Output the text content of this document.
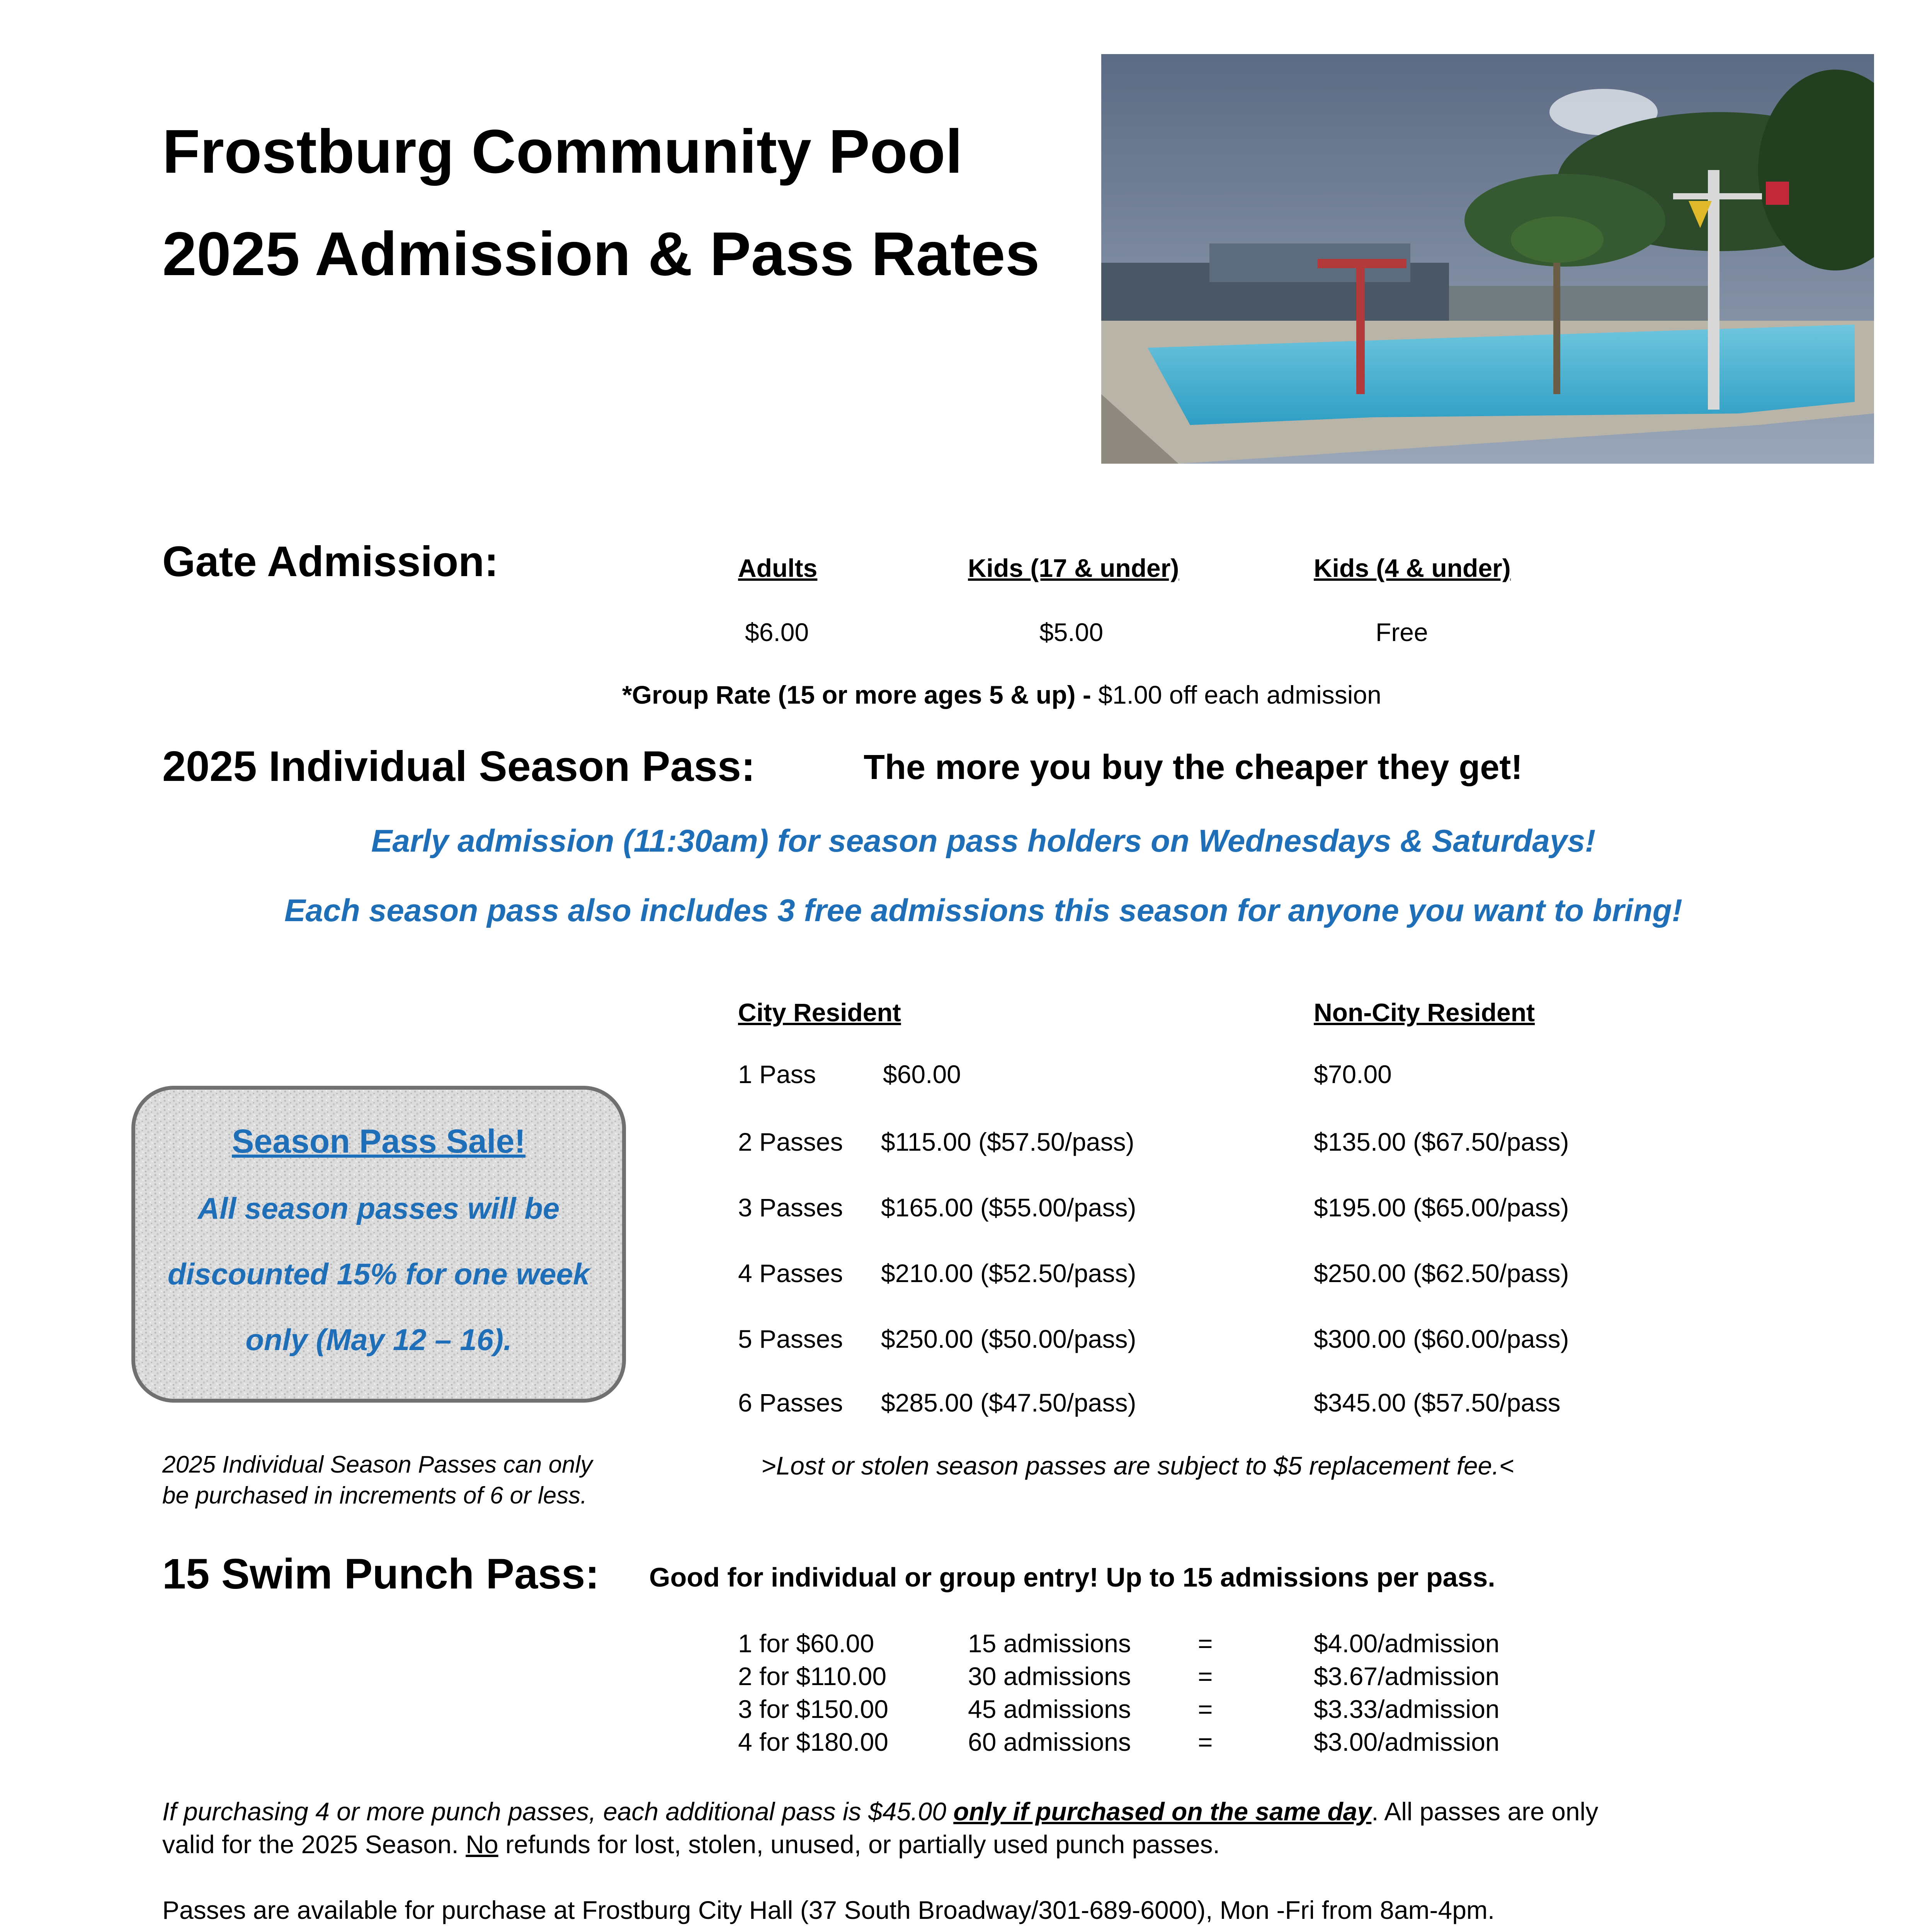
Frostburg Community Pool
2025 Admission & Pass Rates
Gate Admission:	Adults	Kids (17 & under)	Kids (4 & under)
$6.00	$5.00	Free
*Group Rate (15 or more ages 5 & up) - $1.00 off each admission
2025 Individual Season Pass:	The more you buy the cheaper they get!
Early admission (11:30am) for season pass holders on Wednesdays & Saturdays!
Each season pass also includes 3 free admissions this season for anyone you want to bring!
City Resident	Non-City Resident
1 Pass	$60.00	$70.00
2 Passes $115.00 ($57.50/pass)	$135.00 ($67.50/pass)
3 Passes $165.00 ($55.00/pass)	$195.00 ($65.00/pass)
4 Passes $210.00 ($52.50/pass)	$250.00 ($62.50/pass)
5 Passes $250.00 ($50.00/pass)	$300.00 ($60.00/pass)
6 Passes $285.00 ($47.50/pass)	$345.00 ($57.50/pass
Season Pass Sale!
All season passes will be
discounted 15% for one week
only (May 12 – 16).
2025 Individual Season Passes can only
be purchased in increments of 6 or less.
>Lost or stolen season passes are subject to $5 replacement fee.<
15 Swim Punch Pass: Good for individual or group entry! Up to 15 admissions per pass.
1 for $60.00	15 admissions	=	$4.00/admission
2 for $110.00	30 admissions	=	$3.67/admission
3 for $150.00	45 admissions	=	$3.33/admission
4 for $180.00	60 admissions	=	$3.00/admission
If purchasing 4 or more punch passes, each additional pass is $45.00 only if purchased on the same day. All passes are only
valid for the 2025 Season. No refunds for lost, stolen, unused, or partially used punch passes.
Passes are available for purchase at Frostburg City Hall (37 South Broadway/301-689-6000), Mon -Fri from 8am-4pm.
